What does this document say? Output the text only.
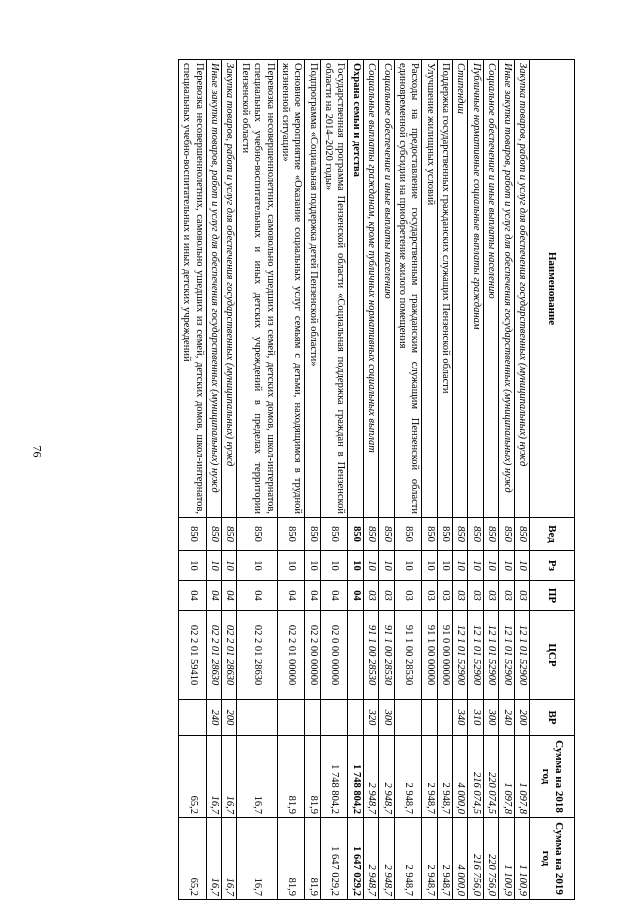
76
Наименование	Вед	Рз	ПР	ЦСР	ВР	Сумма на 2018 год	Сумма на 2019 год
Закупка товаров, работ и услуг для обеспечения государственных (муниципальных) нужд	850	10	03	12 1 01 52900	200	1 097,8	1 100,9
Иные закупки товаров, работ и услуг для обеспечения государственных (муниципальных) нужд	850	10	03	12 1 01 52900	240	1 097,8	1 100,9
Социальное обеспечение и иные выплаты населению	850	10	03	12 1 01 52900	300	220 074,5	220 756,0
Публичные нормативные социальные выплаты гражданам	850	10	03	12 1 01 52900	310	216 074,5	216 756,0
Стипендии	850	10	03	12 1 01 52900	340	4 000,0	4 000,0
Поддержка государственных гражданских служащих Пензенской области	850	10	03	91 0 00 00000		2 948,7	2 948,7
Улучшение жилищных условий	850	10	03	91 1 00 00000		2 948,7	2 948,7
Расходы на предоставление государственным гражданским служащим Пензенской области единовременной субсидии на приобретение жилого помещения	850	10	03	91 1 00 28530		2 948,7	2 948,7
Социальное обеспечение и иные выплаты населению	850	10	03	91 1 00 28530	300	2 948,7	2 948,7
Социальные выплаты гражданам, кроме публичных нормативных социальных выплат	850	10	03	91 1 00 28530	320	2 948,7	2 948,7
Охрана семьи и детства	850	10	04			1 748 804,2	1 647 029,2
Государственная программа Пензенской области «Социальная поддержка граждан в Пензенской области на 2014–2020 годы»	850	10	04	02 0 00 00000		1 748 804,2	1 647 029,2
Подпрограмма «Социальная поддержка детей Пензенской области»	850	10	04	02 2 00 00000		81,9	81,9
Основное мероприятие «Оказание социальных услуг семьям с детьми, находящимся в трудной жизненной ситуации»	850	10	04	02 2 01 00000		81,9	81,9
Перевозка несовершеннолетних, самовольно ушедших из семей, детских домов, школ-интернатов, специальных учебно-воспитательных и иных детских учреждений в пределах территории Пензенской области	850	10	04	02 2 01 28630		16,7	16,7
Закупка товаров, работ и услуг для обеспечения государственных (муниципальных) нужд	850	10	04	02 2 01 28630	200	16,7	16,7
Иные закупки товаров, работ и услуг для обеспечения государственных (муниципальных) нужд	850	10	04	02 2 01 28630	240	16,7	16,7
Перевозка несовершеннолетних, самовольно ушедших из семей, детских домов, школ-интернатов, специальных учебно-воспитательных и иных детских учреждений	850	10	04	02 2 01 59410		65,2	65,2
